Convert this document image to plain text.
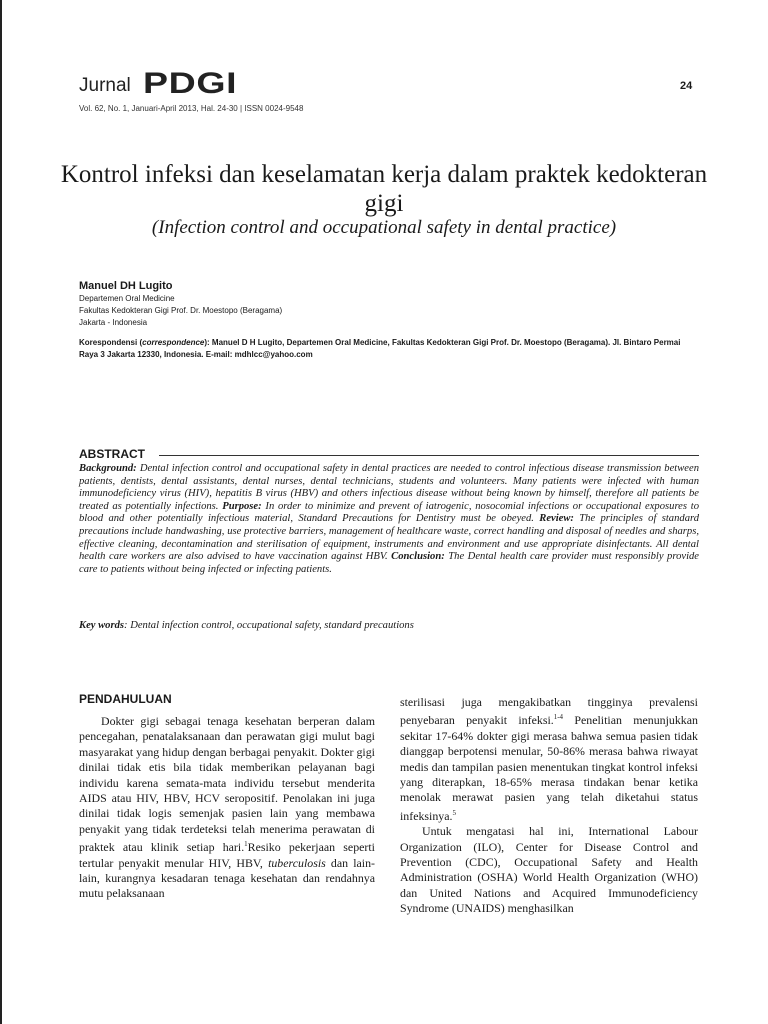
Jurnal PDGI
Vol. 62, No. 1, Januari-April 2013, Hal. 24-30 | ISSN 0024-9548
24
Kontrol infeksi dan keselamatan kerja dalam praktek kedokteran gigi
(Infection control and occupational safety in dental practice)
Manuel DH Lugito
Departemen Oral Medicine
Fakultas Kedokteran Gigi Prof. Dr. Moestopo (Beragama)
Jakarta - Indonesia
Korespondensi (correspondence): Manuel D H Lugito, Departemen Oral Medicine, Fakultas Kedokteran Gigi Prof. Dr. Moestopo (Beragama). Jl. Bintaro Permai Raya 3 Jakarta 12330, Indonesia. E-mail: mdhlcc@yahoo.com
ABSTRACT
Background: Dental infection control and occupational safety in dental practices are needed to control infectious disease transmission between patients, dentists, dental assistants, dental nurses, dental technicians, students and volunteers. Many patients were infected with human immunodeficiency virus (HIV), hepatitis B virus (HBV) and others infectious disease without being known by himself, therefore all patients be treated as potentially infections. Purpose: In order to minimize and prevent of iatrogenic, nosocomial infections or occupational exposures to blood and other potentially infectious material, Standard Precautions for Dentistry must be obeyed. Review: The principles of standard precautions include handwashing, use protective barriers, management of healthcare waste, correct handling and disposal of needles and sharps, effective cleaning, decontamination and sterilisation of equipment, instruments and environment and use appropriate disinfectants. All dental health care workers are also advised to have vaccination against HBV. Conclusion: The Dental health care provider must responsibly provide care to patients without being infected or infecting patients.
Key words: Dental infection control, occupational safety, standard precautions
PENDAHULUAN

Dokter gigi sebagai tenaga kesehatan berperan dalam pencegahan, penatalaksanaan dan perawatan gigi mulut bagi masyarakat yang hidup dengan berbagai penyakit. Dokter gigi dinilai tidak etis bila tidak memberikan pelayanan bagi individu karena semata-mata individu tersebut menderita AIDS atau HIV, HBV, HCV seropositif. Penolakan ini juga dinilai tidak logis semenjak pasien lain yang membawa penyakit yang tidak terdeteksi telah menerima perawatan di praktek atau klinik setiap hari.$^1$Resiko pekerjaan seperti tertular penyakit menular HIV, HBV, tuberculosis dan lain-lain, kurangnya kesadaran tenaga kesehatan dan rendahnya mutu pelaksanaan

sterilisasi juga mengakibatkan tingginya prevalensi penyebaran penyakit infeksi.$^{1-4}$ Penelitian menunjukkan sekitar 17-64% dokter gigi merasa bahwa semua pasien tidak dianggap berpotensi menular, 50-86% merasa bahwa riwayat medis dan tampilan pasien menentukan tingkat kontrol infeksi yang diterapkan, 18-65% merasa tindakan benar ketika menolak merawat pasien yang telah diketahui status infeksinya.$^5$

Untuk mengatasi hal ini, International Labour Organization (ILO), Center for Disease Control and Prevention (CDC), Occupational Safety and Health Administration (OSHA) World Health Organization (WHO) dan United Nations and Acquired Immunodeficiency Syndrome (UNAIDS) menghasilkan
